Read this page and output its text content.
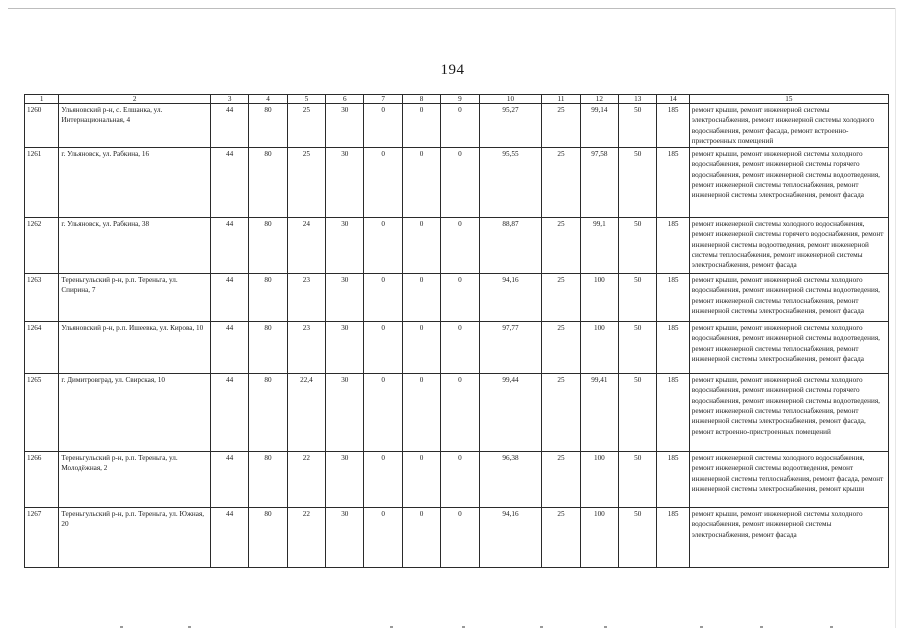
194
1	2	3	4	5	6	7	8	9	10	11	12	13	14	15
1260	Ульяновский р-н, с. Елшанка, ул. Интернациональная, 4	44	80	25	30	0	0	0	95,27	25	99,14	50	185	ремонт крыши, ремонт инженерной системы электроснабжения, ремонт инженерной системы холодного водоснабжения, ремонт фасада, ремонт встроенно-пристроенных помещений
1261	г. Ульяновск, ул. Рабкина, 16	44	80	25	30	0	0	0	95,55	25	97,58	50	185	ремонт крыши, ремонт инженерной системы холодного водоснабжения, ремонт инженерной системы горячего водоснабжения, ремонт инженерной системы водоотведения, ремонт инженерной системы теплоснабжения, ремонт инженерной системы электроснабжения, ремонт фасада
1262	г. Ульяновск, ул. Рабкина, 38	44	80	24	30	0	0	0	88,87	25	99,1	50	185	ремонт инженерной системы холодного водоснабжения, ремонт инженерной системы горячего водоснабжения, ремонт инженерной системы водоотведения, ремонт инженерной системы теплоснабжения, ремонт инженерной системы электроснабжения, ремонт фасада
1263	Тереньгульский р-н, р.п. Тереньга, ул. Спирина, 7	44	80	23	30	0	0	0	94,16	25	100	50	185	ремонт крыши, ремонт инженерной системы холодного водоснабжения, ремонт инженерной системы водоотведения, ремонт инженерной системы теплоснабжения, ремонт инженерной системы электроснабжения, ремонт фасада
1264	Ульяновский р-н, р.п. Ишеевка, ул. Кирова, 10	44	80	23	30	0	0	0	97,77	25	100	50	185	ремонт крыши, ремонт инженерной системы холодного водоснабжения, ремонт инженерной системы водоотведения, ремонт инженерной системы теплоснабжения, ремонт инженерной системы электроснабжения, ремонт фасада
1265	г. Димитровград, ул. Свирская, 10	44	80	22,4	30	0	0	0	99,44	25	99,41	50	185	ремонт крыши, ремонт инженерной системы холодного водоснабжения, ремонт инженерной системы горячего водоснабжения, ремонт инженерной системы водоотведения, ремонт инженерной системы теплоснабжения, ремонт инженерной системы электроснабжения, ремонт фасада, ремонт встроенно-пристроенных помещений
1266	Тереньгульский р-н, р.п. Тереньга, ул. Молодёжная, 2	44	80	22	30	0	0	0	96,38	25	100	50	185	ремонт инженерной системы холодного водоснабжения, ремонт инженерной системы водоотведения, ремонт инженерной системы теплоснабжения, ремонт фасада, ремонт инженерной системы электроснабжения, ремонт крыши
1267	Тереньгульский р-н, р.п. Тереньга, ул. Южная, 20	44	80	22	30	0	0	0	94,16	25	100	50	185	ремонт крыши, ремонт инженерной системы холодного водоснабжения, ремонт инженерной системы электроснабжения, ремонт фасада
